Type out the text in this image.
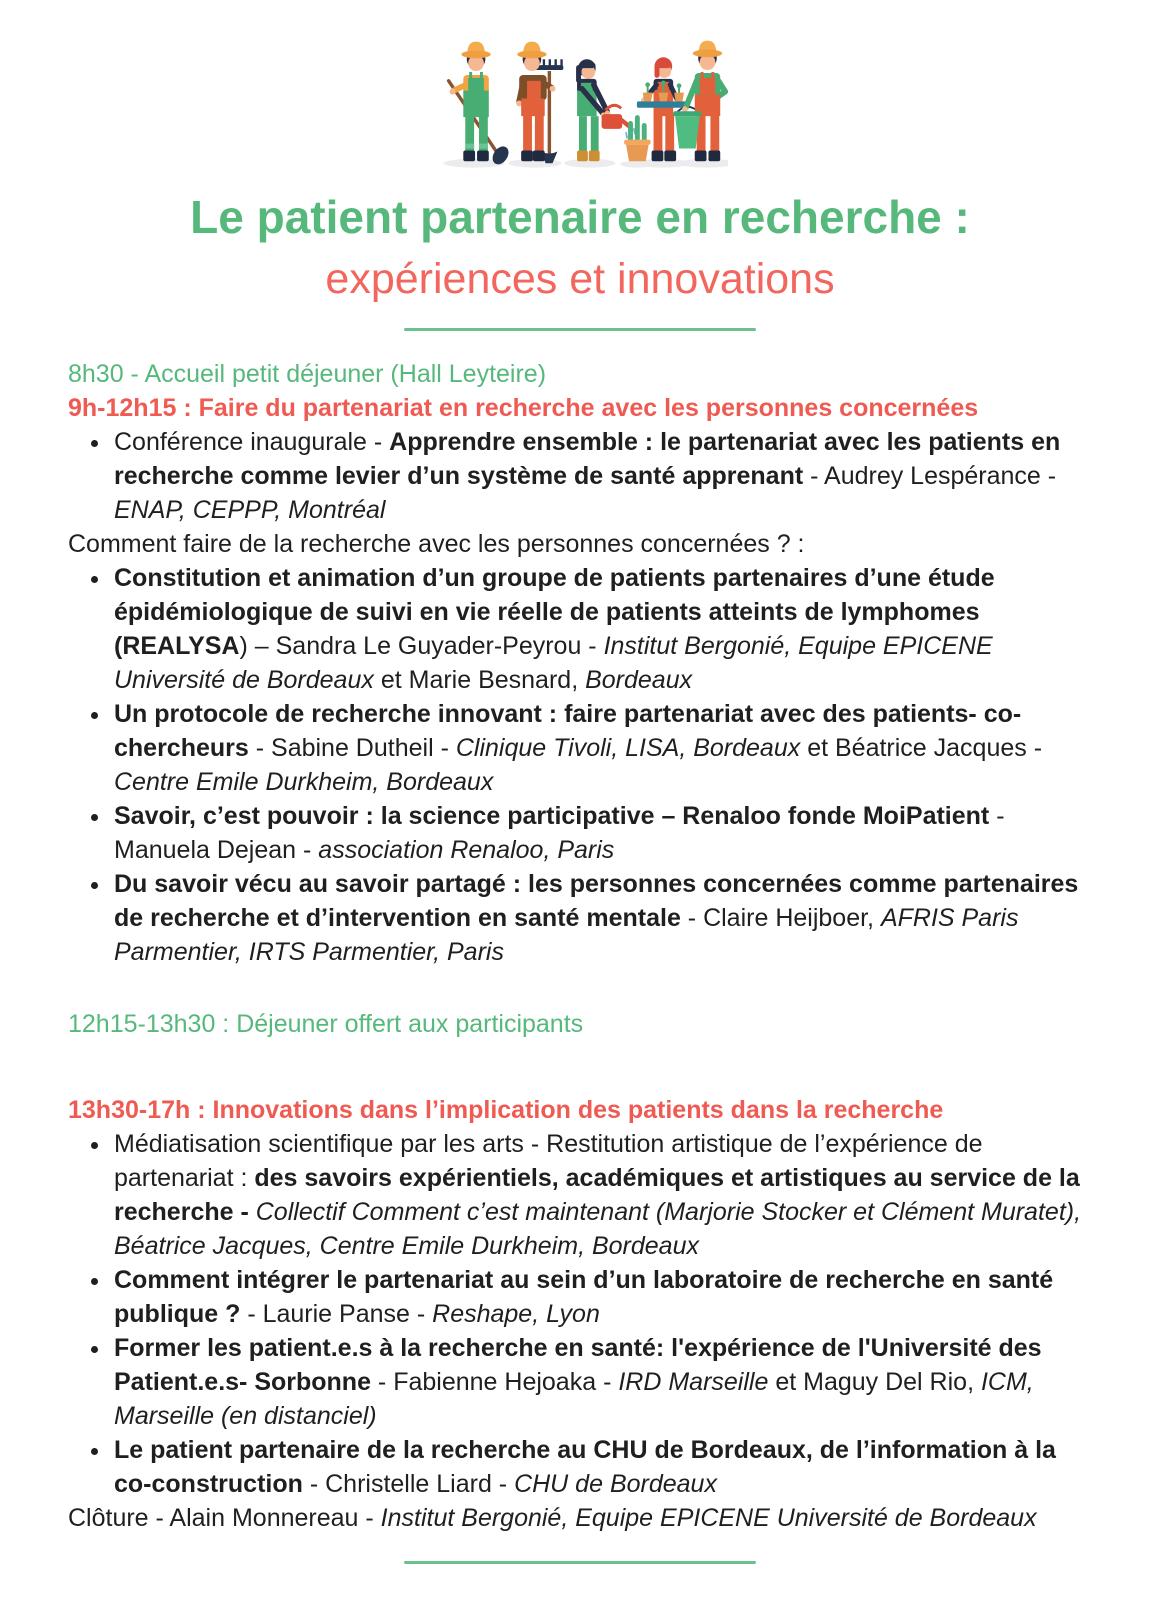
Le patient partenaire en recherche :
expériences et innovations

8h30 - Accueil petit déjeuner (Hall Leyteire)

9h-12h15 : Faire du partenariat en recherche avec les personnes concernées

• Conférence inaugurale - Apprendre ensemble : le partenariat avec les patients en recherche comme levier d’un système de santé apprenant - Audrey Lespérance - ENAP, CEPPP, Montréal

Comment faire de la recherche avec les personnes concernées ? :

• Constitution et animation d’un groupe de patients partenaires d’une étude épidémiologique de suivi en vie réelle de patients atteints de lymphomes (REALYSA) – Sandra Le Guyader-Peyrou - Institut Bergonié, Equipe EPICENE Université de Bordeaux et Marie Besnard, Bordeaux
• Un protocole de recherche innovant : faire partenariat avec des patients- co-chercheurs - Sabine Dutheil - Clinique Tivoli, LISA, Bordeaux et Béatrice Jacques - Centre Emile Durkheim, Bordeaux
• Savoir, c’est pouvoir : la science participative – Renaloo fonde MoiPatient - Manuela Dejean - association Renaloo, Paris
• Du savoir vécu au savoir partagé : les personnes concernées comme partenaires de recherche et d’intervention en santé mentale - Claire Heijboer, AFRIS Paris Parmentier, IRTS Parmentier, Paris

12h15-13h30 : Déjeuner offert aux participants

13h30-17h : Innovations dans l’implication des patients dans la recherche

• Médiatisation scientifique par les arts - Restitution artistique de l’expérience de partenariat : des savoirs expérientiels, académiques et artistiques au service de la recherche - Collectif Comment c’est maintenant (Marjorie Stocker et Clément Muratet), Béatrice Jacques, Centre Emile Durkheim, Bordeaux
• Comment intégrer le partenariat au sein d’un laboratoire de recherche en santé publique ? - Laurie Panse - Reshape, Lyon
• Former les patient.e.s à la recherche en santé: l'expérience de l'Université des Patient.e.s- Sorbonne - Fabienne Hejoaka - IRD Marseille et Maguy Del Rio, ICM, Marseille (en distanciel)
• Le patient partenaire de la recherche au CHU de Bordeaux, de l’information à la co-construction - Christelle Liard - CHU de Bordeaux

Clôture - Alain Monnereau - Institut Bergonié, Equipe EPICENE Université de Bordeaux
